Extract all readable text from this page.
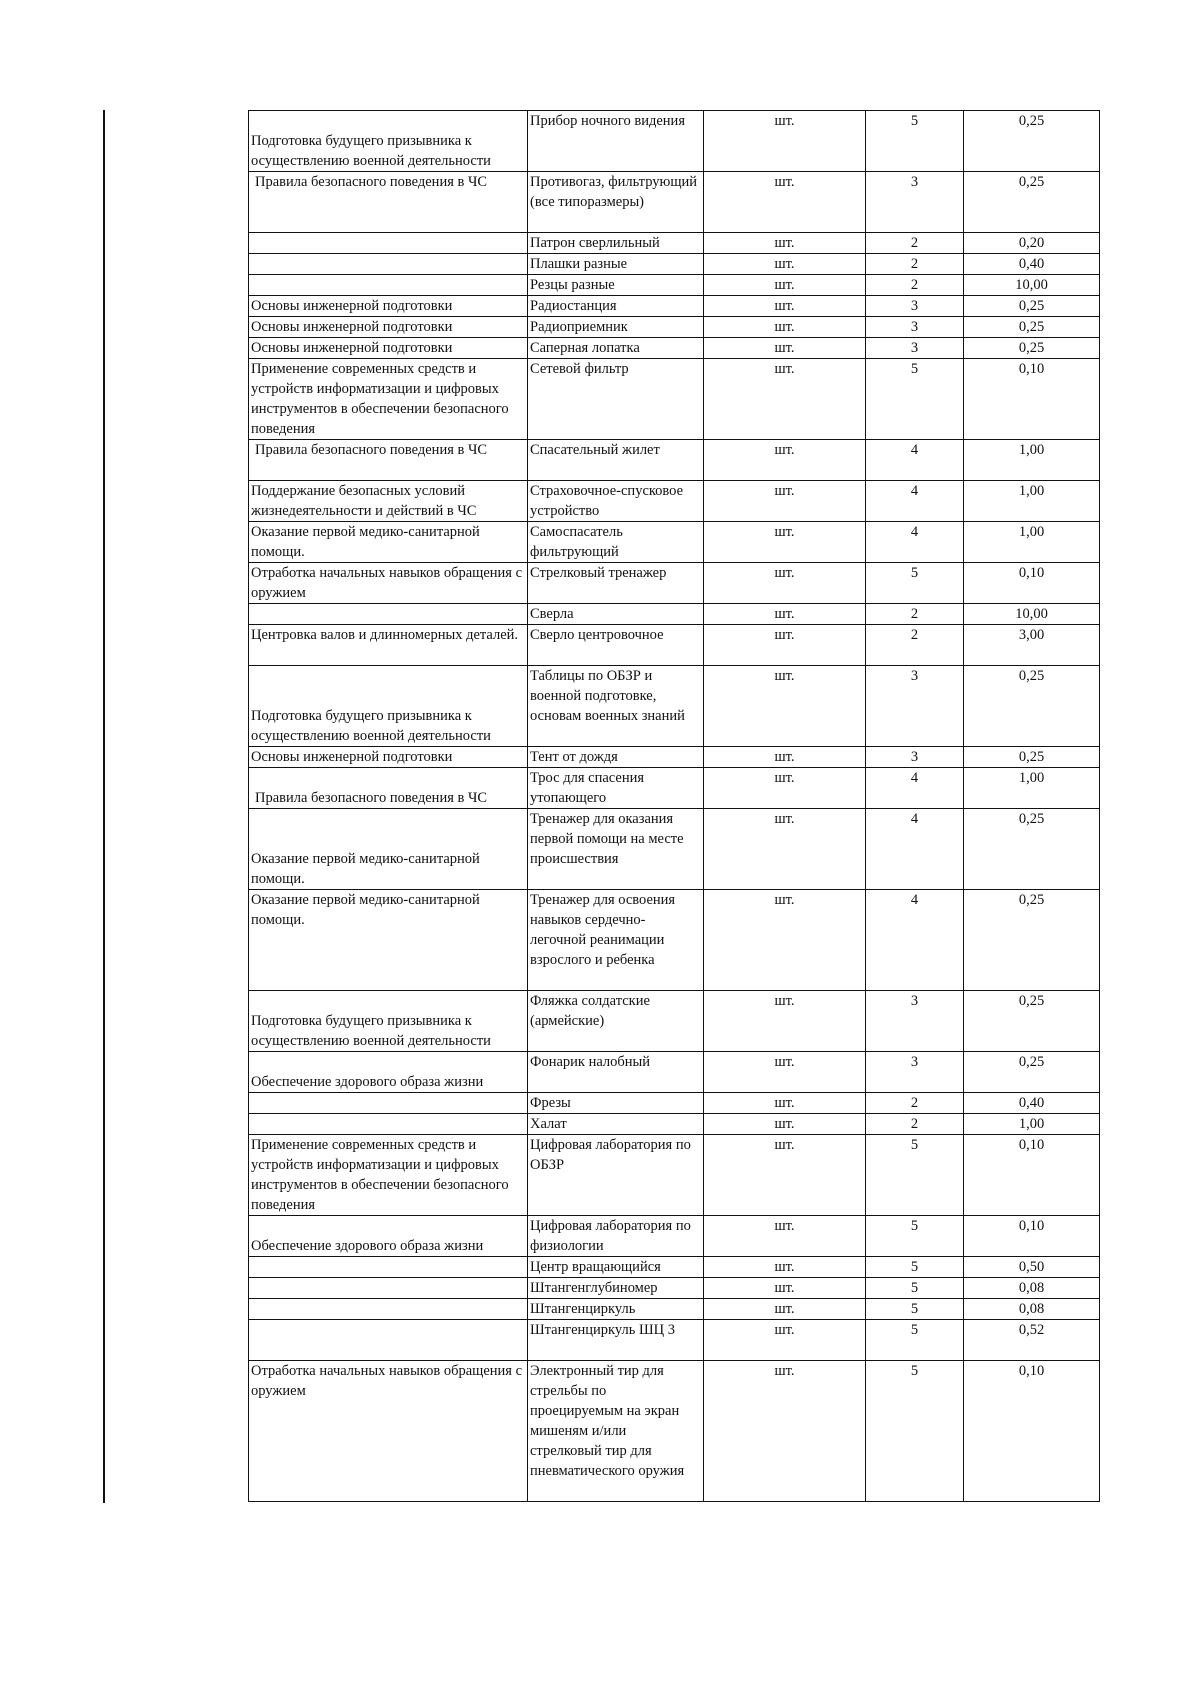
Подготовка будущего призывника к осуществлению военной деятельности	Прибор ночного видения	шт.	5	0,25
Правила безопасного поведения в ЧС	Противогаз, фильтрующий (все типоразмеры)	шт.	3	0,25
	Патрон сверлильный	шт.	2	0,20
	Плашки разные	шт.	2	0,40
	Резцы разные	шт.	2	10,00
Основы инженерной подготовки	Радиостанция	шт.	3	0,25
Основы инженерной подготовки	Радиоприемник	шт.	3	0,25
Основы инженерной подготовки	Саперная лопатка	шт.	3	0,25
Применение современных средств и устройств информатизации и цифровых инструментов в обеспечении безопасного поведения	Сетевой фильтр	шт.	5	0,10
Правила безопасного поведения в ЧС	Спасательный жилет	шт.	4	1,00
Поддержание безопасных условий жизнедеятельности и действий в ЧС	Страховочное-спусковое устройство	шт.	4	1,00
Оказание первой медико-санитарной помощи.	Самоспасатель фильтрующий	шт.	4	1,00
Отработка начальных навыков обращения с оружием	Стрелковый тренажер	шт.	5	0,10
	Сверла	шт.	2	10,00
Центровка валов и длинномерных деталей.	Сверло центровочное	шт.	2	3,00
Подготовка будущего призывника к осуществлению военной деятельности	Таблицы по ОБЗР и военной подготовке, основам военных знаний	шт.	3	0,25
Основы инженерной подготовки	Тент от дождя	шт.	3	0,25
Правила безопасного поведения в ЧС	Трос для спасения утопающего	шт.	4	1,00
Оказание первой медико-санитарной помощи.	Тренажер для оказания первой помощи на месте происшествия	шт.	4	0,25
Оказание первой медико-санитарной помощи.	Тренажер для освоения навыков сердечно-легочной реанимации взрослого и ребенка	шт.	4	0,25
Подготовка будущего призывника к осуществлению военной деятельности	Фляжка солдатские (армейские)	шт.	3	0,25
Обеспечение здорового образа жизни	Фонарик налобный	шт.	3	0,25
	Фрезы	шт.	2	0,40
	Халат	шт.	2	1,00
Применение современных средств и устройств информатизации и цифровых инструментов в обеспечении безопасного поведения	Цифровая лаборатория по ОБЗР	шт.	5	0,10
Обеспечение здорового образа жизни	Цифровая лаборатория по физиологии	шт.	5	0,10
	Центр вращающийся	шт.	5	0,50
	Штангенглубиномер	шт.	5	0,08
	Штангенциркуль	шт.	5	0,08
	Штангенциркуль ШЦ 3	шт.	5	0,52
Отработка начальных навыков обращения с оружием	Электронный тир для стрельбы по проецируемым на экран мишеням и/или стрелковый тир для пневматического оружия	шт.	5	0,10
